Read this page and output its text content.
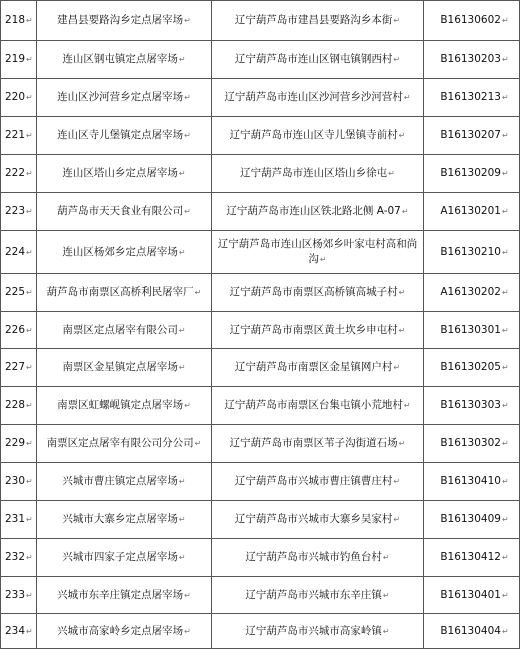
218↵	建昌县要路沟乡定点屠宰场↵	辽宁葫芦岛市建昌县要路沟乡本街↵	B16130602↵
219↵	连山区钢屯镇定点屠宰场↵	辽宁葫芦岛市连山区钢屯镇钢西村↵	B16130203↵
220↵	连山区沙河营乡定点屠宰场↵	辽宁葫芦岛市连山区沙河营乡沙河营村↵	B16130213↵
221↵	连山区寺儿堡镇定点屠宰场↵	辽宁葫芦岛市连山区寺儿堡镇寺前村↵	B16130207↵
222↵	连山区塔山乡定点屠宰场↵	辽宁葫芦岛市连山区塔山乡徐屯↵	B16130209↵
223↵	葫芦岛市天天食业有限公司↵	辽宁葫芦岛市连山区铁北路北侧 A-07↵	A16130201↵
224↵	连山区杨郊乡定点屠宰场↵	辽宁葫芦岛市连山区杨郊乡叶家屯村高和尚沟↵	B16130210↵
225↵	葫芦岛市南票区高桥利民屠宰厂↵	辽宁葫芦岛市南票区高桥镇高城子村↵	A16130202↵
226↵	南票区定点屠宰有限公司↵	辽宁葫芦岛市南票区黄土坎乡申屯村↵	B16130301↵
227↵	南票区金星镇定点屠宰场↵	辽宁葫芦岛市南票区金星镇网户村↵	B16130205↵
228↵	南票区虹螺岘镇定点屠宰场↵	辽宁葫芦岛市南票区台集屯镇小荒地村↵	B16130303↵
229↵	南票区定点屠宰有限公司分公司↵	辽宁葫芦岛市南票区苇子沟街道石场↵	B16130302↵
230↵	兴城市曹庄镇定点屠宰场↵	辽宁葫芦岛市兴城市曹庄镇曹庄村↵	B16130410↵
231↵	兴城市大寨乡定点屠宰场↵	辽宁葫芦岛市兴城市大寨乡吴家村↵	B16130409↵
232↵	兴城市四家子定点屠宰场↵	辽宁葫芦岛市兴城市钓鱼台村↵	B16130412↵
233↵	兴城市东辛庄镇定点屠宰场↵	辽宁葫芦岛市兴城市东辛庄镇↵	B16130401↵
234↵	兴城市高家岭乡定点屠宰场↵	辽宁葫芦岛市兴城市高家岭镇↵	B16130404↵
